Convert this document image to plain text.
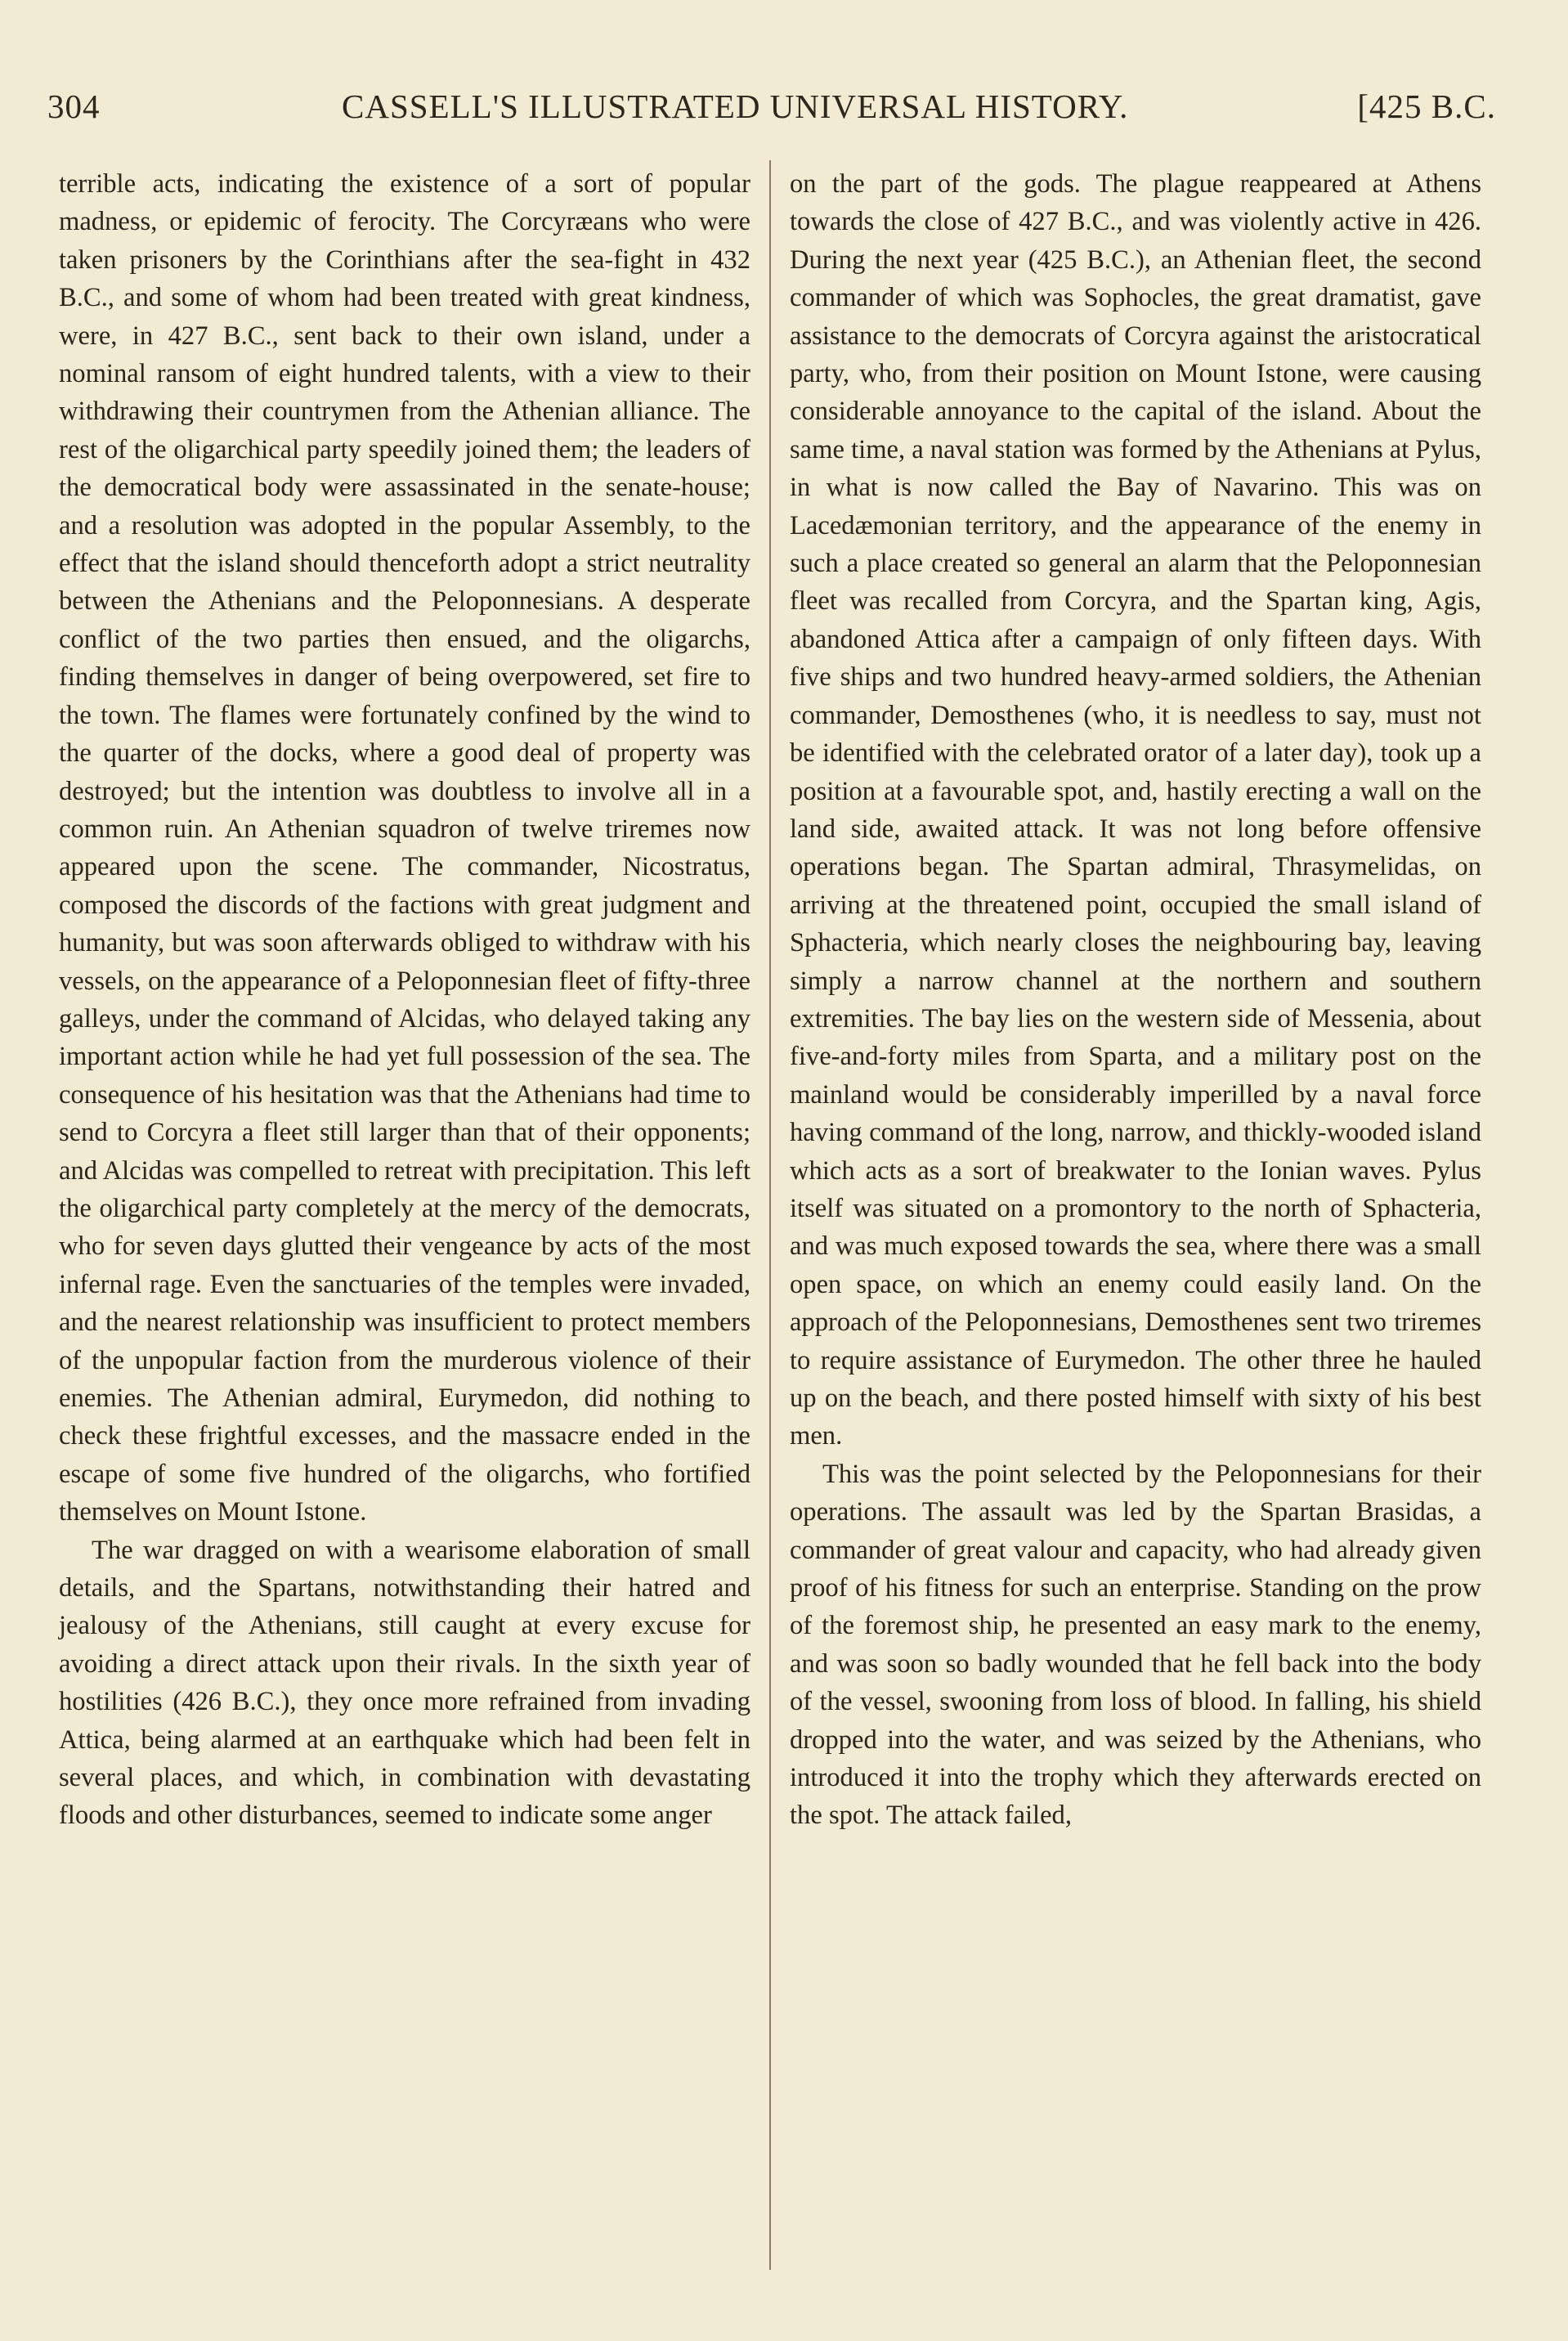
304	CASSELL'S ILLUSTRATED UNIVERSAL HISTORY.	[425 B.C.

terrible acts, indicating the existence of a sort of popular madness, or epidemic of ferocity. The Corcyræans who were taken prisoners by the Corinthians after the sea-fight in 432 B.C., and some of whom had been treated with great kindness, were, in 427 B.C., sent back to their own island, under a nominal ransom of eight hundred talents, with a view to their withdrawing their countrymen from the Athenian alliance. The rest of the oligarchical party speedily joined them; the leaders of the democratical body were assassinated in the senate-house; and a resolution was adopted in the popular Assembly, to the effect that the island should thenceforth adopt a strict neutrality between the Athenians and the Peloponnesians. A desperate conflict of the two parties then ensued, and the oligarchs, finding themselves in danger of being overpowered, set fire to the town. The flames were fortunately confined by the wind to the quarter of the docks, where a good deal of property was destroyed; but the intention was doubtless to involve all in a common ruin. An Athenian squadron of twelve triremes now appeared upon the scene. The commander, Nicostratus, composed the discords of the factions with great judgment and humanity, but was soon afterwards obliged to withdraw with his vessels, on the appearance of a Peloponnesian fleet of fifty-three galleys, under the command of Alcidas, who delayed taking any important action while he had yet full possession of the sea. The consequence of his hesitation was that the Athenians had time to send to Corcyra a fleet still larger than that of their opponents; and Alcidas was compelled to retreat with precipitation. This left the oligarchical party completely at the mercy of the democrats, who for seven days glutted their vengeance by acts of the most infernal rage. Even the sanctuaries of the temples were invaded, and the nearest relationship was insufficient to protect members of the unpopular faction from the murderous violence of their enemies. The Athenian admiral, Eurymedon, did nothing to check these frightful excesses, and the massacre ended in the escape of some five hundred of the oligarchs, who fortified themselves on Mount Istone.

The war dragged on with a wearisome elaboration of small details, and the Spartans, notwithstanding their hatred and jealousy of the Athenians, still caught at every excuse for avoiding a direct attack upon their rivals. In the sixth year of hostilities (426 B.C.), they once more refrained from invading Attica, being alarmed at an earthquake which had been felt in several places, and which, in combination with devastating floods and other disturbances, seemed to indicate some anger

on the part of the gods. The plague reappeared at Athens towards the close of 427 B.C., and was violently active in 426. During the next year (425 B.C.), an Athenian fleet, the second commander of which was Sophocles, the great dramatist, gave assistance to the democrats of Corcyra against the aristocratical party, who, from their position on Mount Istone, were causing considerable annoyance to the capital of the island. About the same time, a naval station was formed by the Athenians at Pylus, in what is now called the Bay of Navarino. This was on Lacedæmonian territory, and the appearance of the enemy in such a place created so general an alarm that the Peloponnesian fleet was recalled from Corcyra, and the Spartan king, Agis, abandoned Attica after a campaign of only fifteen days. With five ships and two hundred heavy-armed soldiers, the Athenian commander, Demosthenes (who, it is needless to say, must not be identified with the celebrated orator of a later day), took up a position at a favourable spot, and, hastily erecting a wall on the land side, awaited attack. It was not long before offensive operations began. The Spartan admiral, Thrasymelidas, on arriving at the threatened point, occupied the small island of Sphacteria, which nearly closes the neighbouring bay, leaving simply a narrow channel at the northern and southern extremities. The bay lies on the western side of Messenia, about five-and-forty miles from Sparta, and a military post on the mainland would be considerably imperilled by a naval force having command of the long, narrow, and thickly-wooded island which acts as a sort of breakwater to the Ionian waves. Pylus itself was situated on a promontory to the north of Sphacteria, and was much exposed towards the sea, where there was a small open space, on which an enemy could easily land. On the approach of the Peloponnesians, Demosthenes sent two triremes to require assistance of Eurymedon. The other three he hauled up on the beach, and there posted himself with sixty of his best men.

This was the point selected by the Peloponnesians for their operations. The assault was led by the Spartan Brasidas, a commander of great valour and capacity, who had already given proof of his fitness for such an enterprise. Standing on the prow of the foremost ship, he presented an easy mark to the enemy, and was soon so badly wounded that he fell back into the body of the vessel, swooning from loss of blood. In falling, his shield dropped into the water, and was seized by the Athenians, who introduced it into the trophy which they afterwards erected on the spot. The attack failed,
